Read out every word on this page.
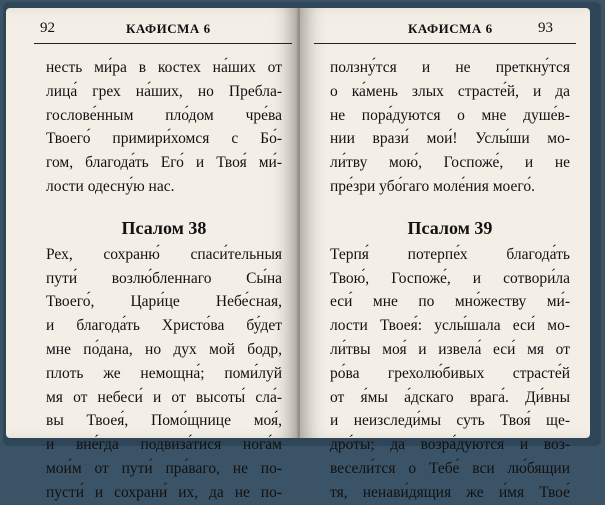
92	КАФИСМА 6
несть ми́ра в костех на́ших от
лица́ грех на́ших, но Пребла-
гослове́нным пло́дом чре́ва
Твоего́ примири́хомся с Бо́-
гом, благода́ть Его́ и Твоя́ ми́-
лости одесну́ю нас.
Псалом 38
Рех, сохраню́ спаси́тельныя
пути́ возлю́бленнаго Сы́на
Твоего́, Цари́це Небе́сная,
и благода́ть Христо́ва бу́дет
мне по́дана, но дух мой бодр,
плоть же немощна́; поми́луй
мя от небеси́ и от высоты́ сла́-
вы Твоея́, Помо́щнице моя́,
и вне́гда подвиза́тися нога́м
мои́м от пути́ пра́ваго, не по-
пусти́ и сохрани́ их, да не по-
КАФИСМА 6	93
ползну́тся и не преткну́тся
о ка́мень злых страсте́й, и да
не пора́дуются о мне душе́в-
нии врази́ мои́! Услы́ши мо-
ли́тву мою́, Госпоже́, и не
пре́зри убо́гаго моле́ния моего́.
Псалом 39
Терпя́ потерпе́х благода́ть
Твою́, Госпоже́, и сотвори́ла
еси́ мне по мно́жеству ми́-
лости Твоея́: услы́шала еси́ мо-
ли́твы моя́ и извела́ еси́ мя от
ро́ва грехолю́бивых страсте́й
от я́мы а́дскаго врага́. Ди́вны
и неизследи́мы суть Твоя́ ще-
дро́ты; да возра́дуются и воз-
весели́тся о Тебе́ вси лю́бящии
тя, ненави́дящия же и́мя Твое́
